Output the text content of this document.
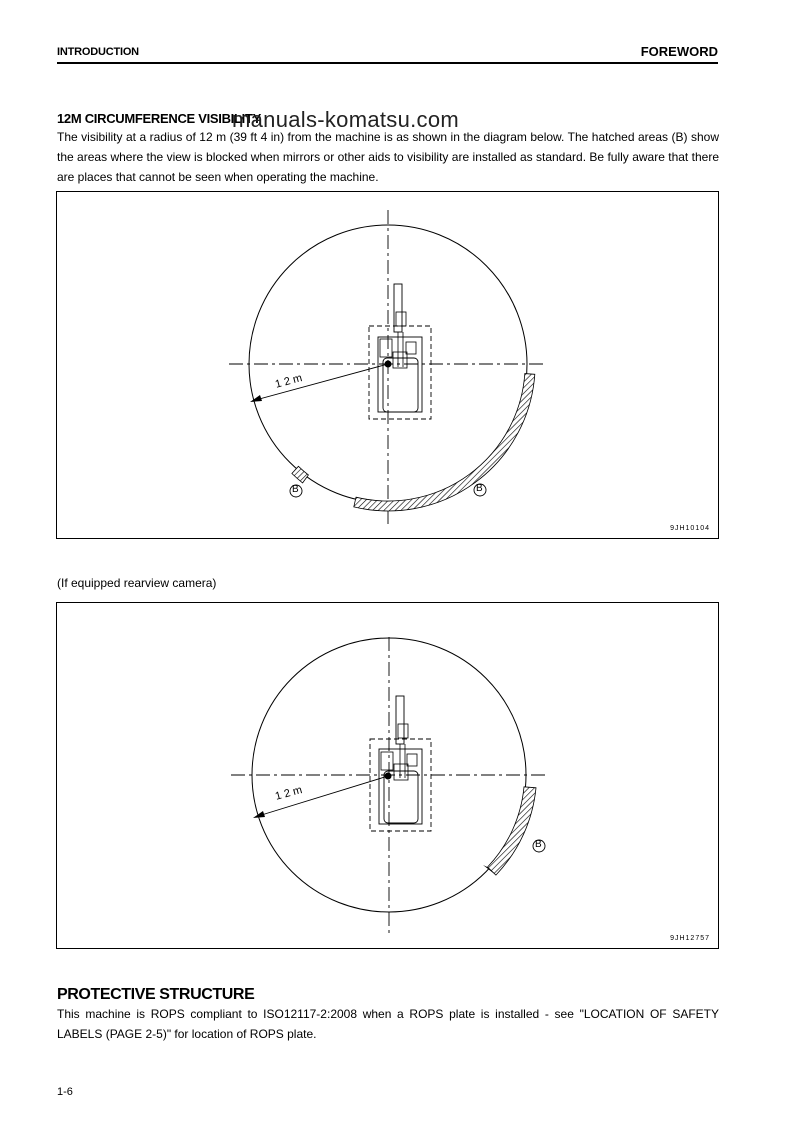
INTRODUCTION	FOREWORD
12M CIRCUMFERENCE VISIBILITY
manuals-komatsu.com
The visibility at a radius of 12 m (39 ft 4 in) from the machine is as shown in the diagram below. The hatched areas (B) show the areas where the view is blocked when mirrors or other aids to visibility are installed as standard. Be fully aware that there are places that cannot be seen when operating the machine.
12m
B	B
9JH10104
(If equipped rearview camera)
12m
B
9JH12757
PROTECTIVE STRUCTURE
This machine is ROPS compliant to ISO12117-2:2008 when a ROPS plate is installed - see "LOCATION OF SAFETY LABELS (PAGE 2-5)" for location of ROPS plate.
1-6
